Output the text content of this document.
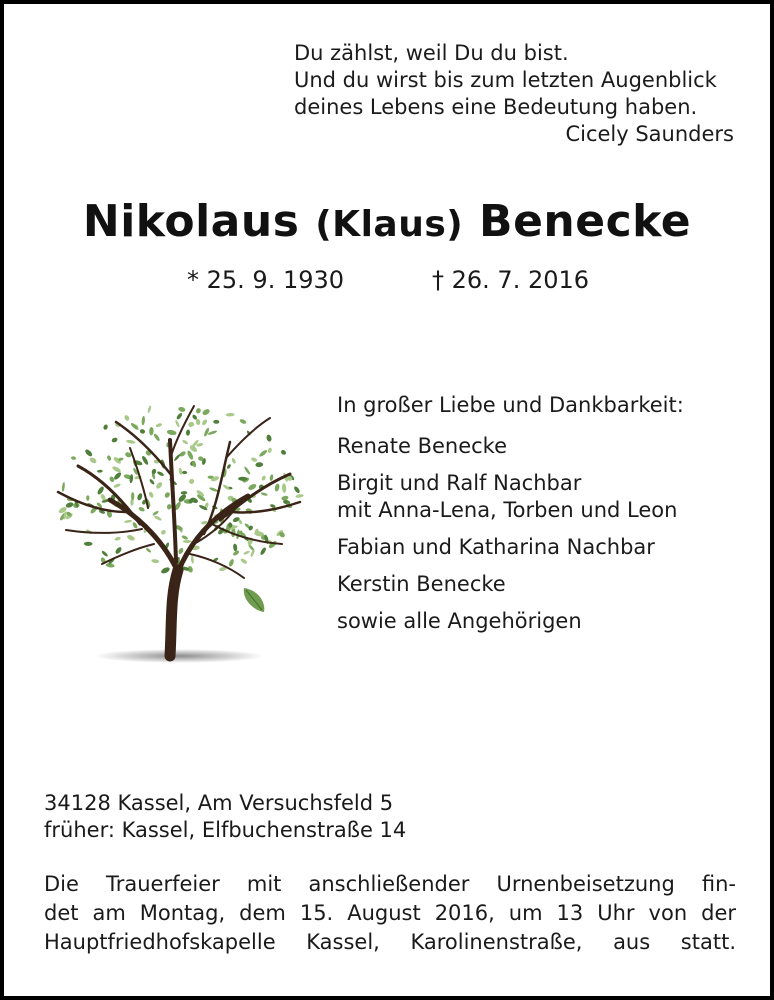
Du zählst, weil Du du bist.
Und du wirst bis zum letzten Augenblick
deines Lebens eine Bedeutung haben.
Cicely Saunders
Nikolaus (Klaus) Benecke
* 25. 9. 1930	† 26. 7. 2016
In großer Liebe und Dankbarkeit:
Renate Benecke
Birgit und Ralf Nachbar
mit Anna-Lena, Torben und Leon
Fabian und Katharina Nachbar
Kerstin Benecke
sowie alle Angehörigen
34128 Kassel, Am Versuchsfeld 5
früher: Kassel, Elfbuchenstraße 14
Die Trauerfeier mit anschließender Urnenbeisetzung fin-
det am Montag, dem 15. August 2016, um 13 Uhr von der
Hauptfriedhofskapelle Kassel, Karolinenstraße, aus statt.
